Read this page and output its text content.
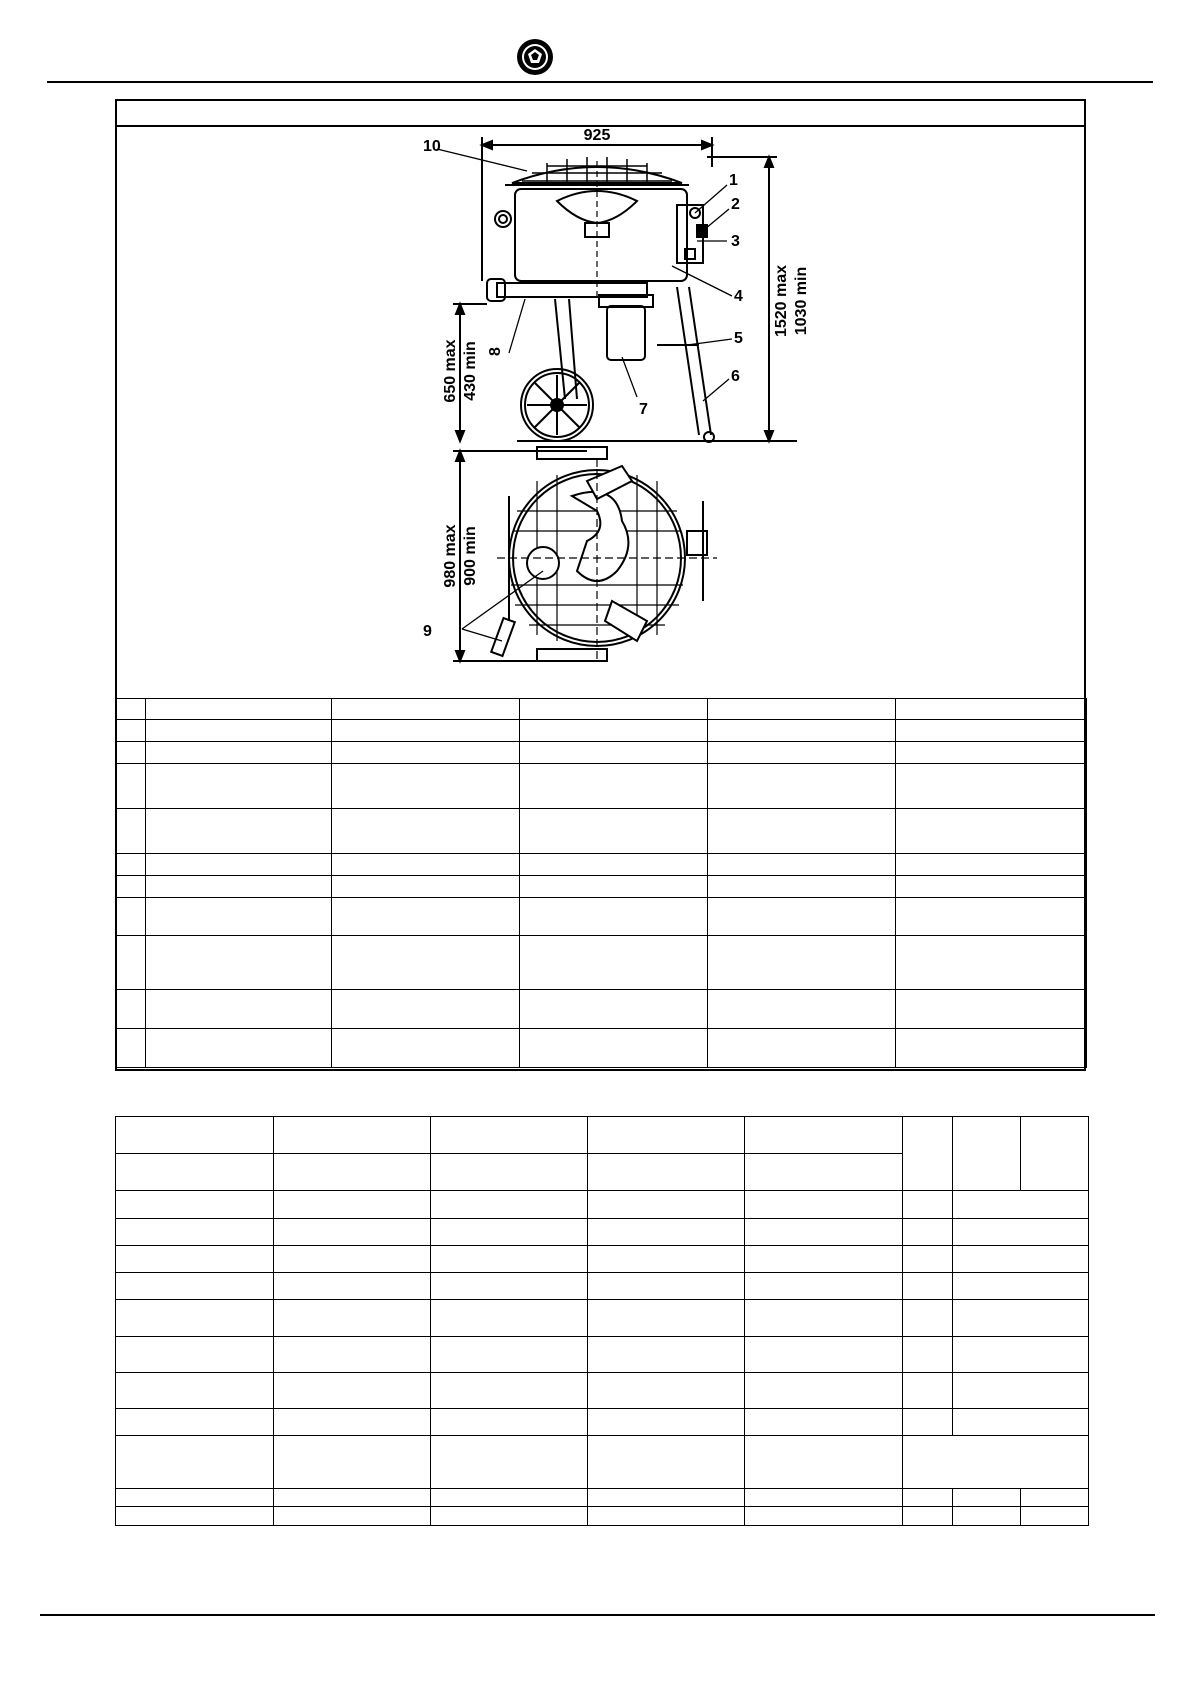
925
1520 max 1030 min
650 max 430 min
980 max 900 min
10
1
2
3
4
5
6
7
8
9
